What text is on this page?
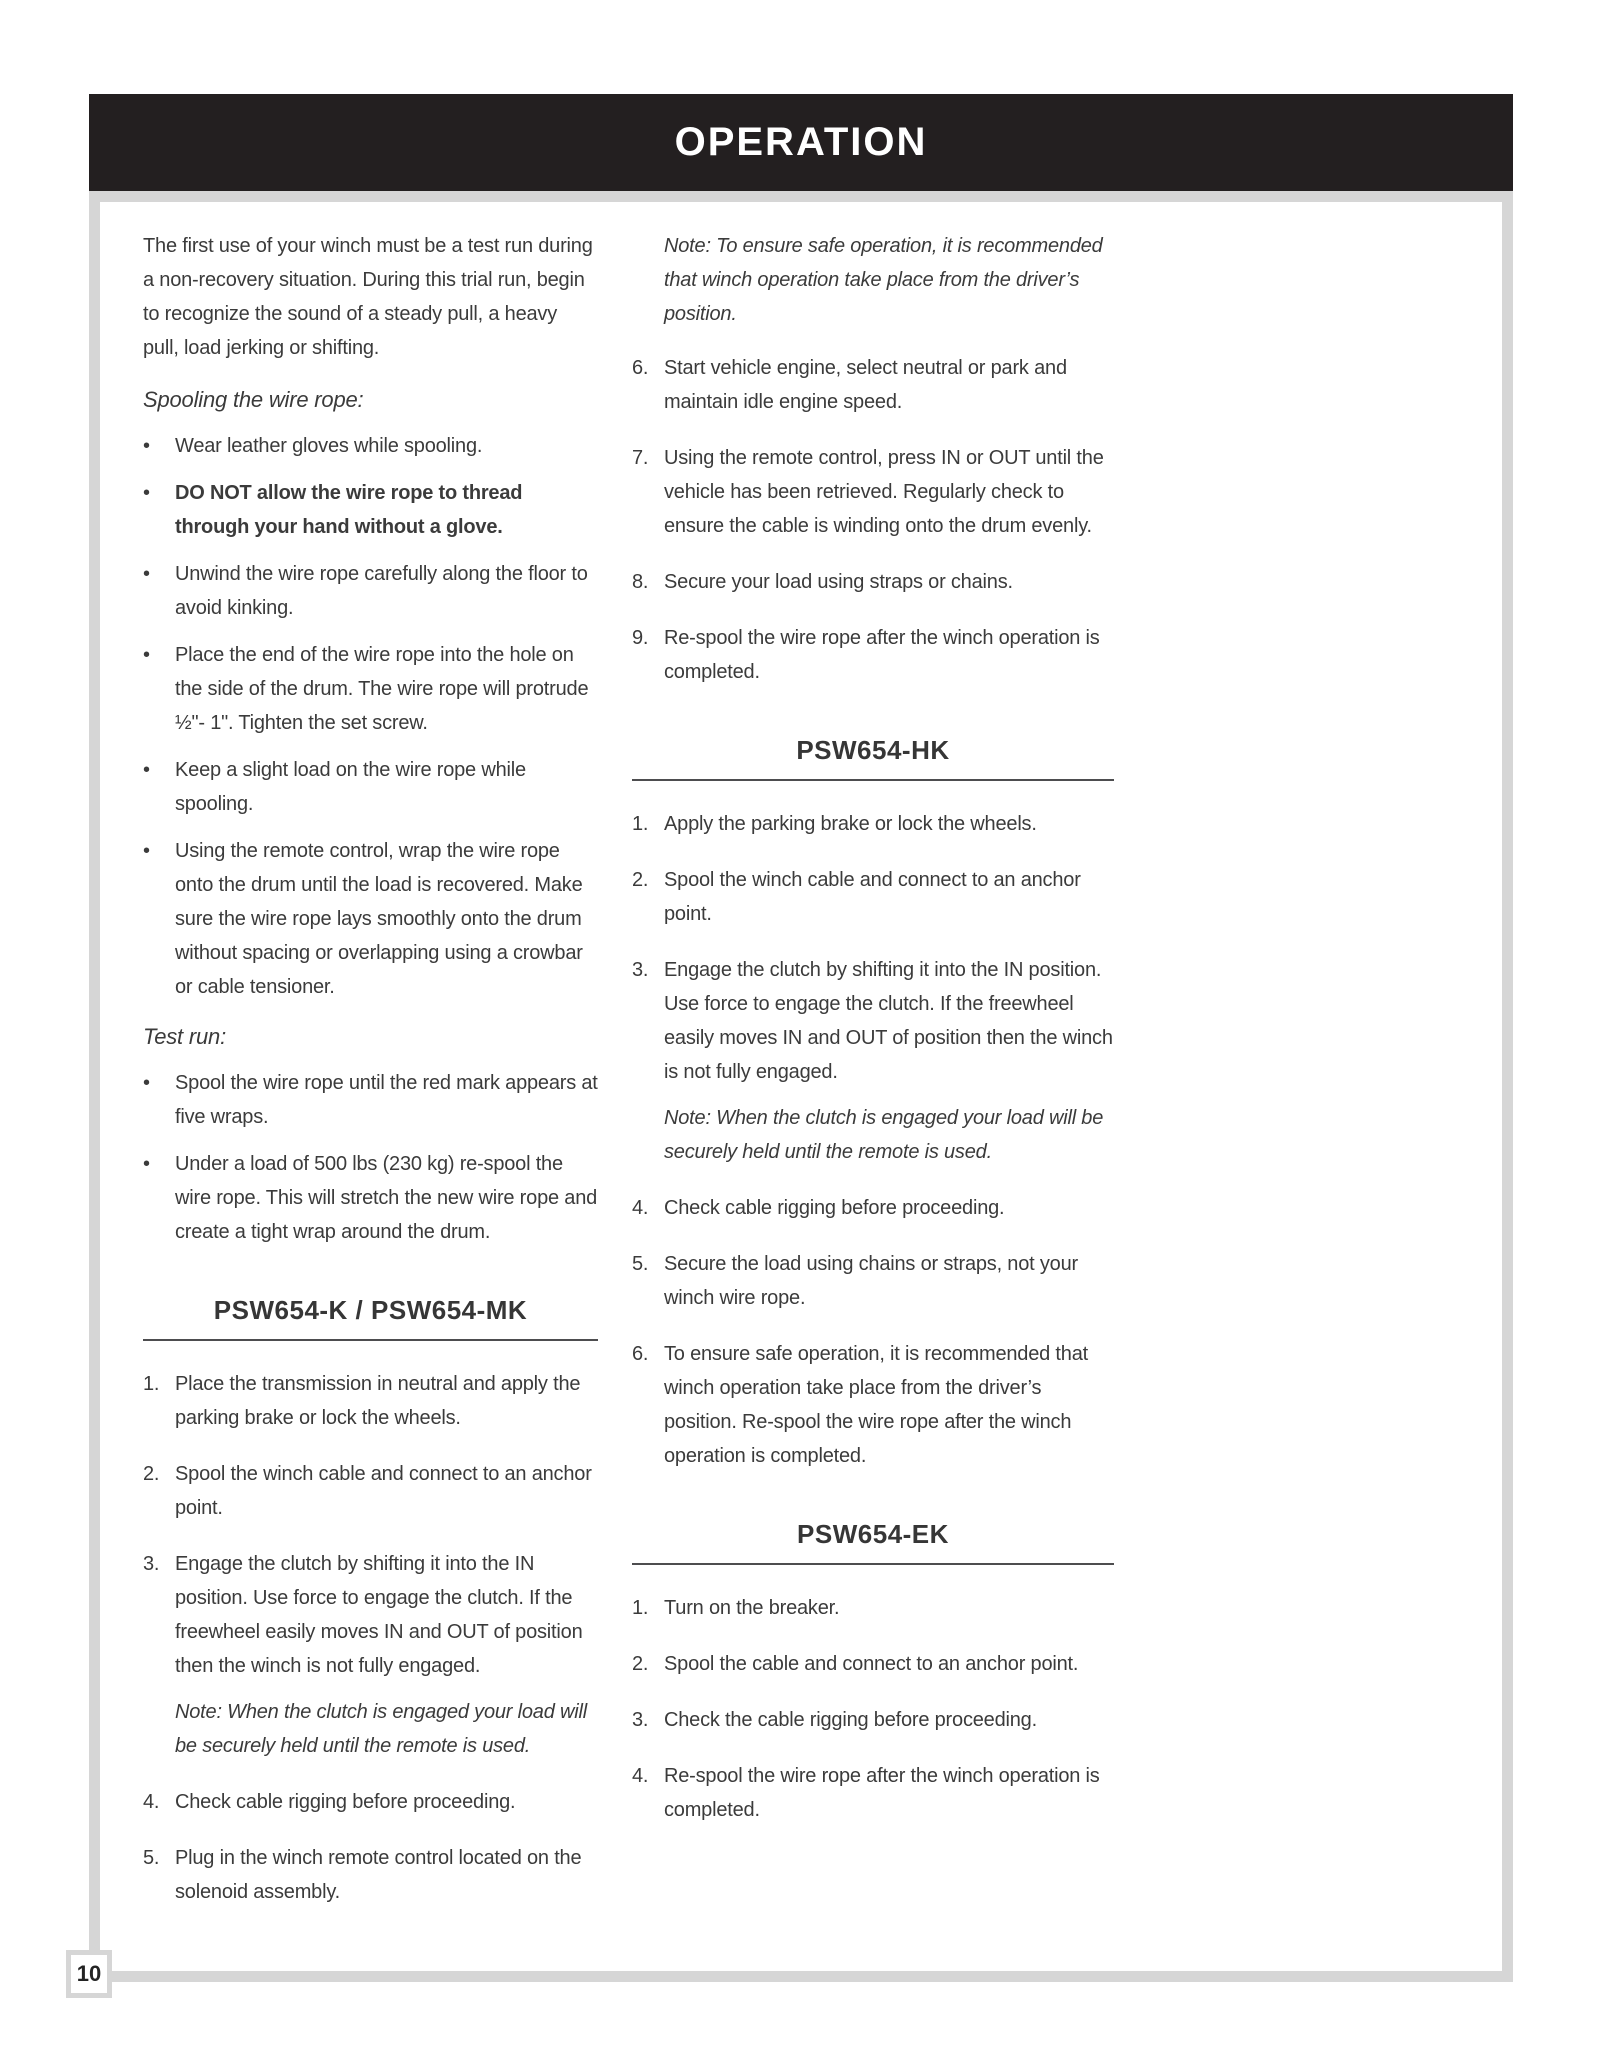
OPERATION
The first use of your winch must be a test run during a non-recovery situation. During this trial run, begin to recognize the sound of a steady pull, a heavy pull, load jerking or shifting.
Spooling the wire rope:
•	Wear leather gloves while spooling.
•	DO NOT allow the wire rope to thread through your hand without a glove.
•	Unwind the wire rope carefully along the floor to avoid kinking.
•	Place the end of the wire rope into the hole on the side of the drum. The wire rope will protrude ½"- 1". Tighten the set screw.
•	Keep a slight load on the wire rope while spooling.
•	Using the remote control, wrap the wire rope onto the drum until the load is recovered. Make sure the wire rope lays smoothly onto the drum without spacing or overlapping using a crowbar or cable tensioner.
Test run:
•	Spool the wire rope until the red mark appears at five wraps.
•	Under a load of 500 lbs (230 kg) re-spool the wire rope. This will stretch the new wire rope and create a tight wrap around the drum.
PSW654-K / PSW654-MK
1. Place the transmission in neutral and apply the parking brake or lock the wheels.
2. Spool the winch cable and connect to an anchor point.
3. Engage the clutch by shifting it into the IN position. Use force to engage the clutch. If the freewheel easily moves IN and OUT of position then the winch is not fully engaged.
Note: When the clutch is engaged your load will be securely held until the remote is used.
4. Check cable rigging before proceeding.
5. Plug in the winch remote control located on the solenoid assembly.
Note: To ensure safe operation, it is recommended that winch operation take place from the driver’s position.
6. Start vehicle engine, select neutral or park and maintain idle engine speed.
7. Using the remote control, press IN or OUT until the vehicle has been retrieved. Regularly check to ensure the cable is winding onto the drum evenly.
8. Secure your load using straps or chains.
9. Re-spool the wire rope after the winch operation is completed.
PSW654-HK
1. Apply the parking brake or lock the wheels.
2. Spool the winch cable and connect to an anchor point.
3. Engage the clutch by shifting it into the IN position. Use force to engage the clutch. If the freewheel easily moves IN and OUT of position then the winch is not fully engaged.
Note: When the clutch is engaged your load will be securely held until the remote is used.
4. Check cable rigging before proceeding.
5. Secure the load using chains or straps, not your winch wire rope.
6. To ensure safe operation, it is recommended that winch operation take place from the driver’s position. Re-spool the wire rope after the winch operation is completed.
PSW654-EK
1. Turn on the breaker.
2. Spool the cable and connect to an anchor point.
3. Check the cable rigging before proceeding.
4. Re-spool the wire rope after the winch operation is completed.
10
